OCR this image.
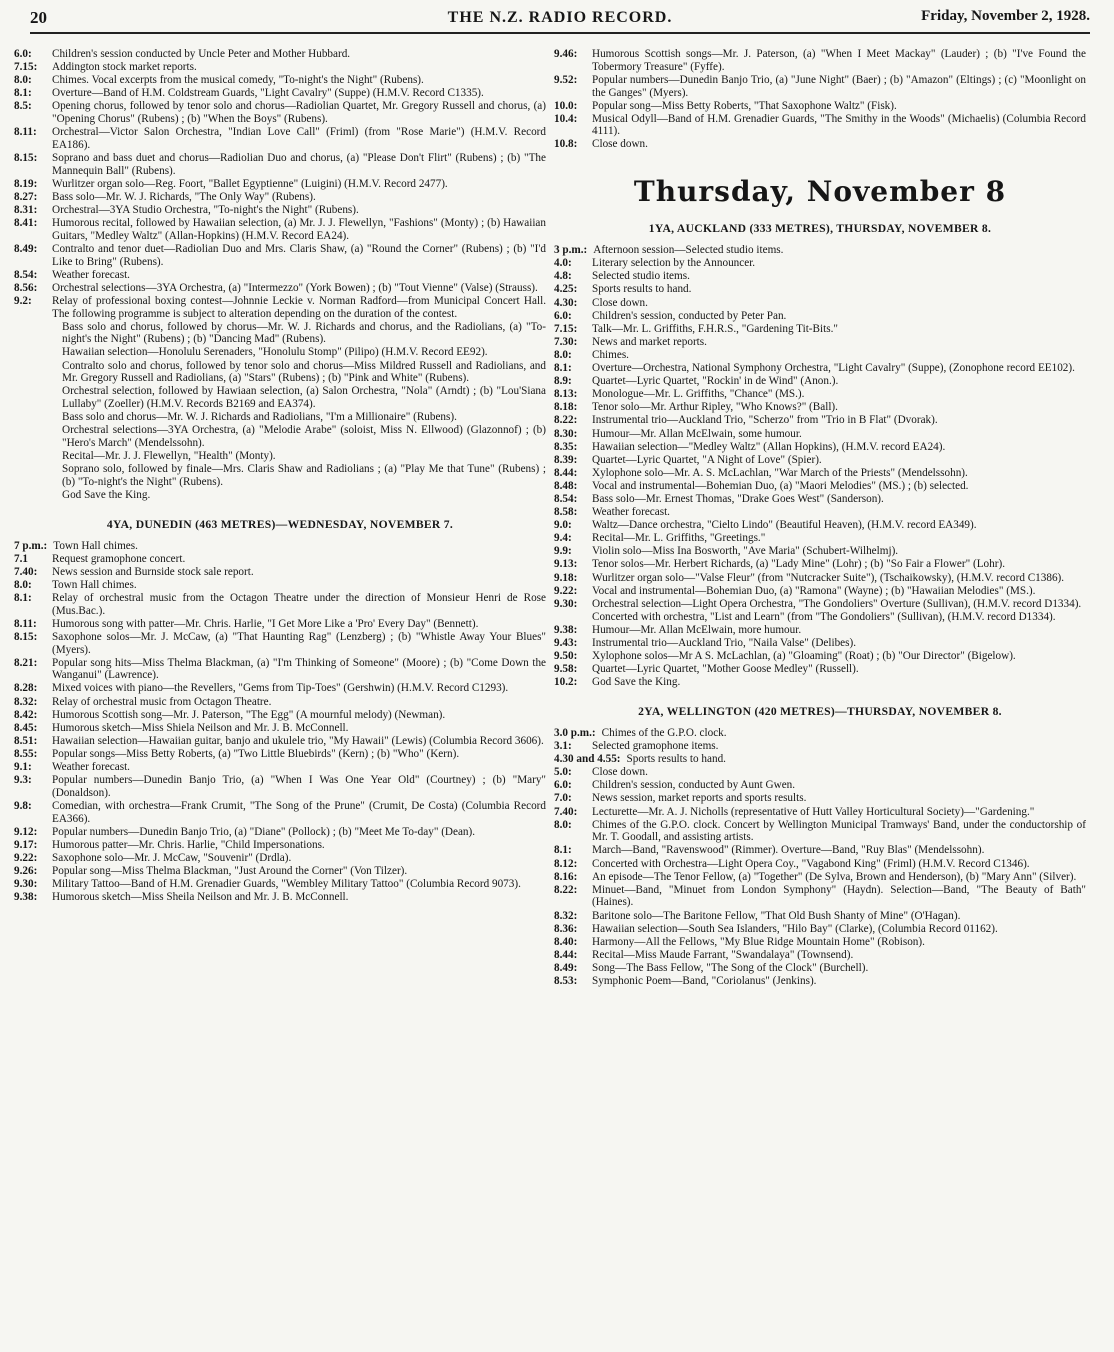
20	THE N.Z. RADIO RECORD.	Friday, November 2, 1928.
6.0:	Children's session conducted by Uncle Peter and Mother Hubbard.
7.15:	Addington stock market reports.
8.0:	Chimes. Vocal excerpts from the musical comedy, "To-night's the Night" (Rubens).
8.1:	Overture—Band of H.M. Coldstream Guards, "Light Cavalry" (Suppe) (H.M.V. Record C1335).
8.5:	Opening chorus, followed by tenor solo and chorus—Radiolian Quartet, Mr. Gregory Russell and chorus, (a) "Opening Chorus" (Rubens) ; (b) "When the Boys" (Rubens).
8.11:	Orchestral—Victor Salon Orchestra, "Indian Love Call" (Friml) (from "Rose Marie") (H.M.V. Record EA186).
8.15:	Soprano and bass duet and chorus—Radiolian Duo and chorus, (a) "Please Don't Flirt" (Rubens) ; (b) "The Mannequin Ball" (Rubens).
8.19:	Wurlitzer organ solo—Reg. Foort, "Ballet Egyptienne" (Luigini) (H.M.V. Record 2477).
8.27:	Bass solo—Mr. W. J. Richards, "The Only Way" (Rubens).
8.31:	Orchestral—3YA Studio Orchestra, "To-night's the Night" (Rubens).
8.41:	Humorous recital, followed by Hawaiian selection, (a) Mr. J. J. Flewellyn, "Fashions" (Monty) ; (b) Hawaiian Guitars, "Medley Waltz" (Allan-Hopkins) (H.M.V. Record EA24).
8.49:	Contralto and tenor duet—Radiolian Duo and Mrs. Claris Shaw, (a) "Round the Corner" (Rubens) ; (b) "I'd Like to Bring" (Rubens).
8.54:	Weather forecast.
8.56:	Orchestral selections—3YA Orchestra, (a) "Intermezzo" (York Bowen) ; (b) "Tout Vienne" (Valse) (Strauss).
9.2:	Relay of professional boxing contest—Johnnie Leckie v. Norman Radford—from Municipal Concert Hall. The following programme is subject to alteration depending on the duration of the contest.
Bass solo and chorus, followed by chorus—Mr. W. J. Richards and chorus, and the Radiolians, (a) "To-night's the Night" (Rubens) ; (b) "Dancing Mad" (Rubens).
Hawaiian selection—Honolulu Serenaders, "Honolulu Stomp" (Pilipo) (H.M.V. Record EE92).
Contralto solo and chorus, followed by tenor solo and chorus—Miss Mildred Russell and Radiolians, and Mr. Gregory Russell and Radiolians, (a) "Stars" (Rubens) ; (b) "Pink and White" (Rubens).
Orchestral selection, followed by Hawiaan selection, (a) Salon Orchestra, "Nola" (Arndt) ; (b) "Lou'Siana Lullaby" (Zoeller) (H.M.V. Records B2169 and EA374).
Bass solo and chorus—Mr. W. J. Richards and Radiolians, "I'm a Millionaire" (Rubens).
Orchestral selections—3YA Orchestra, (a) "Melodie Arabe" (soloist, Miss N. Ellwood) (Glazonnof) ; (b) "Hero's March" (Mendelssohn).
Recital—Mr. J. J. Flewellyn, "Health" (Monty).
Soprano solo, followed by finale—Mrs. Claris Shaw and Radiolians ; (a) "Play Me that Tune" (Rubens) ; (b) "To-night's the Night" (Rubens).
God Save the King.
4YA, DUNEDIN (463 METRES)—WEDNESDAY, NOVEMBER 7.
7 p.m.: Town Hall chimes.
7.1	Request gramophone concert.
7.40:	News session and Burnside stock sale report.
8.0:	Town Hall chimes.
8.1:	Relay of orchestral music from the Octagon Theatre under the direction of Monsieur Henri de Rose (Mus.Bac.).
8.11:	Humorous song with patter—Mr. Chris. Harlie, "I Get More Like a 'Pro' Every Day" (Bennett).
8.15:	Saxophone solos—Mr. J. McCaw, (a) "That Haunting Rag" (Lenzberg) ; (b) "Whistle Away Your Blues" (Myers).
8.21:	Popular song hits—Miss Thelma Blackman, (a) "I'm Thinking of Someone" (Moore) ; (b) "Come Down the Wanganui" (Lawrence).
8.28:	Mixed voices with piano—the Revellers, "Gems from Tip-Toes" (Gershwin) (H.M.V. Record C1293).
8.32:	Relay of orchestral music from Octagon Theatre.
8.42:	Humorous Scottish song—Mr. J. Paterson, "The Egg" (A mournful melody) (Newman).
8.45:	Humorous sketch—Miss Shiela Neilson and Mr. J. B. McConnell.
8.51:	Hawaiian selection—Hawaiian guitar, banjo and ukulele trio, "My Hawaii" (Lewis) (Columbia Record 3606).
8.55:	Popular songs—Miss Betty Roberts, (a) "Two Little Bluebirds" (Kern) ; (b) "Who" (Kern).
9.1:	Weather forecast.
9.3:	Popular numbers—Dunedin Banjo Trio, (a) "When I Was One Year Old" (Courtney) ; (b) "Mary" (Donaldson).
9.8:	Comedian, with orchestra—Frank Crumit, "The Song of the Prune" (Crumit, De Costa) (Columbia Record EA366).
9.12:	Popular numbers—Dunedin Banjo Trio, (a) "Diane" (Pollock) ; (b) "Meet Me To-day" (Dean).
9.17:	Humorous patter—Mr. Chris. Harlie, "Child Impersonations.
9.22:	Saxophone solo—Mr. J. McCaw, "Souvenir" (Drdla).
9.26:	Popular song—Miss Thelma Blackman, "Just Around the Corner" (Von Tilzer).
9.30:	Military Tattoo—Band of H.M. Grenadier Guards, "Wembley Military Tattoo" (Columbia Record 9073).
9.38:	Humorous sketch—Miss Sheila Neilson and Mr. J. B. McConnell.
9.46:	Humorous Scottish songs—Mr. J. Paterson, (a) "When I Meet Mackay" (Lauder) ; (b) "I've Found the Tobermory Treasure" (Fyffe).
9.52:	Popular numbers—Dunedin Banjo Trio, (a) "June Night" (Baer) ; (b) "Amazon" (Eltings) ; (c) "Moonlight on the Ganges" (Myers).
10.0:	Popular song—Miss Betty Roberts, "That Saxophone Waltz" (Fisk).
10.4:	Musical Odyll—Band of H.M. Grenadier Guards, "The Smithy in the Woods" (Michaelis) (Columbia Record 4111).
10.8:	Close down.
Thursday, November 8
1YA, AUCKLAND (333 METRES), THURSDAY, NOVEMBER 8.
3 p.m.: Afternoon session—Selected studio items.
4.0:	Literary selection by the Announcer.
4.8:	Selected studio items.
4.25:	Sports results to hand.
4.30:	Close down.
6.0:	Children's session, conducted by Peter Pan.
7.15:	Talk—Mr. L. Griffiths, F.H.R.S., "Gardening Tit-Bits."
7.30:	News and market reports.
8.0:	Chimes.
8.1:	Overture—Orchestra, National Symphony Orchestra, "Light Cavalry" (Suppe), (Zonophone record EE102).
8.9:	Quartet—Lyric Quartet, "Rockin' in de Wind" (Anon.).
8.13:	Monologue—Mr. L. Griffiths, "Chance" (MS.).
8.18:	Tenor solo—Mr. Arthur Ripley, "Who Knows?" (Ball).
8.22:	Instrumental trio—Auckland Trio, "Scherzo" from "Trio in B Flat" (Dvorak).
8.30:	Humour—Mr. Allan McElwain, some humour.
8.35:	Hawaiian selection—"Medley Waltz" (Allan Hopkins), (H.M.V. record EA24).
8.39:	Quartet—Lyric Quartet, "A Night of Love" (Spier).
8.44:	Xylophone solo—Mr. A. S. McLachlan, "War March of the Priests" (Mendelssohn).
8.48:	Vocal and instrumental—Bohemian Duo, (a) "Maori Melodies" (MS.) ; (b) selected.
8.54:	Bass solo—Mr. Ernest Thomas, "Drake Goes West" (Sanderson).
8.58:	Weather forecast.
9.0:	Waltz—Dance orchestra, "Cielto Lindo" (Beautiful Heaven), (H.M.V. record EA349).
9.4:	Recital—Mr. L. Griffiths, "Greetings."
9.9:	Violin solo—Miss Ina Bosworth, "Ave Maria" (Schubert-Wilhelmj).
9.13:	Tenor solos—Mr. Herbert Richards, (a) "Lady Mine" (Lohr) ; (b) "So Fair a Flower" (Lohr).
9.18:	Wurlitzer organ solo—"Valse Fleur" (from "Nutcracker Suite"), (Tschaikowsky), (H.M.V. record C1386).
9.22:	Vocal and instrumental—Bohemian Duo, (a) "Ramona" (Wayne) ; (b) "Hawaiian Melodies" (MS.).
9.30:	Orchestral selection—Light Opera Orchestra, "The Gondoliers" Overture (Sullivan), (H.M.V. record D1334).
Concerted with orchestra, "List and Learn" (from "The Gondoliers" (Sullivan), (H.M.V. record D1334).
9.38:	Humour—Mr. Allan McElwain, more humour.
9.43:	Instrumental trio—Auckland Trio, "Naila Valse" (Delibes).
9.50:	Xylophone solos—Mr A S. McLachlan, (a) "Gloaming" (Roat) ; (b) "Our Director" (Bigelow).
9.58:	Quartet—Lyric Quartet, "Mother Goose Medley" (Russell).
10.2:	God Save the King.
2YA, WELLINGTON (420 METRES)—THURSDAY, NOVEMBER 8.
3.0 p.m.: Chimes of the G.P.O. clock.
3.1:	Selected gramophone items.
4.30 and 4.55: Sports results to hand.
5.0:	Close down.
6.0:	Children's session, conducted by Aunt Gwen.
7.0:	News session, market reports and sports results.
7.40:	Lecturette—Mr. A. J. Nicholls (representative of Hutt Valley Horticultural Society)—"Gardening."
8.0:	Chimes of the G.P.O. clock. Concert by Wellington Municipal Tramways' Band, under the conductorship of Mr. T. Goodall, and assisting artists.
8.1:	March—Band, "Ravenswood" (Rimmer). Overture—Band, "Ruy Blas" (Mendelssohn).
8.12:	Concerted with Orchestra—Light Opera Coy., "Vagabond King" (Friml) (H.M.V. Record C1346).
8.16:	An episode—The Tenor Fellow, (a) "Together" (De Sylva, Brown and Henderson), (b) "Mary Ann" (Silver).
8.22:	Minuet—Band, "Minuet from London Symphony" (Haydn). Selection—Band, "The Beauty of Bath" (Haines).
8.32:	Baritone solo—The Baritone Fellow, "That Old Bush Shanty of Mine" (O'Hagan).
8.36:	Hawaiian selection—South Sea Islanders, "Hilo Bay" (Clarke), (Columbia Record 01162).
8.40:	Harmony—All the Fellows, "My Blue Ridge Mountain Home" (Robison).
8.44:	Recital—Miss Maude Farrant, "Swandalaya" (Townsend).
8.49:	Song—The Bass Fellow, "The Song of the Clock" (Burchell).
8.53:	Symphonic Poem—Band, "Coriolanus" (Jenkins).
